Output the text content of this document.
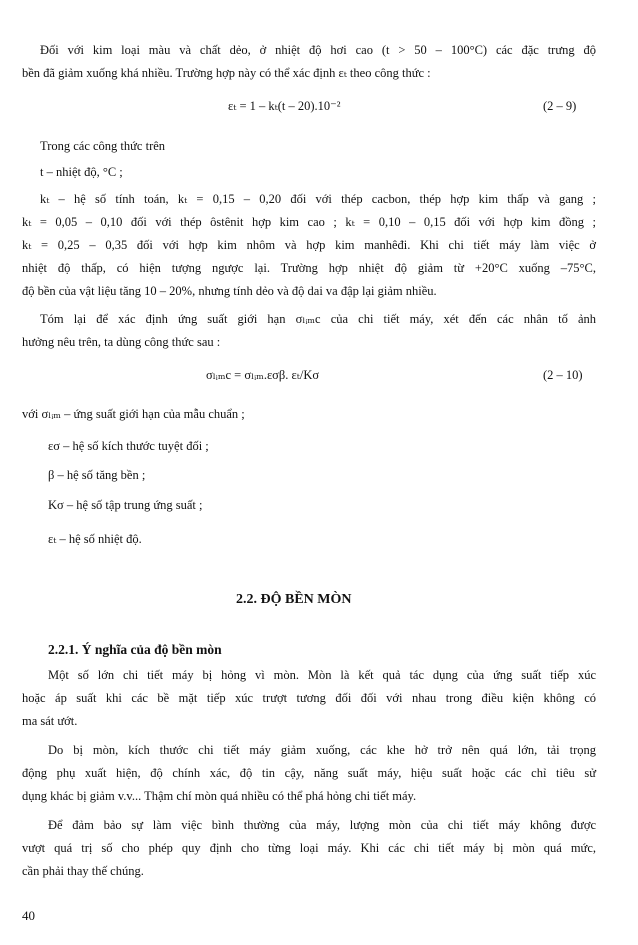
Đối với kim loại màu và chất dẻo, ở nhiệt độ hơi cao (t > 50 – 100°C) các đặc trưng độ
bền đã giảm xuống khá nhiều. Trường hợp này có thể xác định εₜ theo công thức :
εₜ = 1 – kₜ(t – 20).10⁻²	(2 – 9)
Trong các công thức trên
t – nhiệt độ, °C ;
kₜ – hệ số tính toán, kₜ = 0,15 – 0,20 đối với thép cacbon, thép hợp kim thấp và gang ;
kₜ = 0,05 – 0,10 đối với thép ôstênit hợp kim cao ; kₜ = 0,10 – 0,15 đối với hợp kim đồng ;
kₜ = 0,25 – 0,35 đối với hợp kim nhôm và hợp kim manhêđi. Khi chi tiết máy làm việc ở
nhiệt độ thấp, có hiện tượng ngược lại. Trường hợp nhiệt độ giảm từ +20°C xuống –75°C,
độ bền của vật liệu tăng 10 – 20%, nhưng tính dẻo và độ dai va đập lại giảm nhiều.
Tóm lại để xác định ứng suất giới hạn σₗᵢₘc của chi tiết máy, xét đến các nhân tố ảnh
hưởng nêu trên, ta dùng công thức sau :
σₗᵢₘc = σₗᵢₘ.εσβ. εₜ/Kσ	(2 – 10)
với σₗᵢₘ – ứng suất giới hạn của mẫu chuẩn ;
εσ – hệ số kích thước tuyệt đối ;
β – hệ số tăng bền ;
Kσ – hệ số tập trung ứng suất ;
εₜ – hệ số nhiệt độ.
2.2. ĐỘ BỀN MÒN
2.2.1. Ý nghĩa của độ bền mòn
Một số lớn chi tiết máy bị hỏng vì mòn. Mòn là kết quả tác dụng của ứng suất tiếp xúc
hoặc áp suất khi các bề mặt tiếp xúc trượt tương đối đối với nhau trong điều kiện không có
ma sát ướt.
Do bị mòn, kích thước chi tiết máy giảm xuống, các khe hở trở nên quá lớn, tải trọng
động phụ xuất hiện, độ chính xác, độ tin cậy, năng suất máy, hiệu suất hoặc các chỉ tiêu sử
dụng khác bị giảm v.v... Thậm chí mòn quá nhiều có thể phá hỏng chi tiết máy.
Để đảm bảo sự làm việc bình thường của máy, lượng mòn của chi tiết máy không được
vượt quá trị số cho phép quy định cho từng loại máy. Khi các chi tiết máy bị mòn quá mức,
cần phải thay thế chúng.
40
